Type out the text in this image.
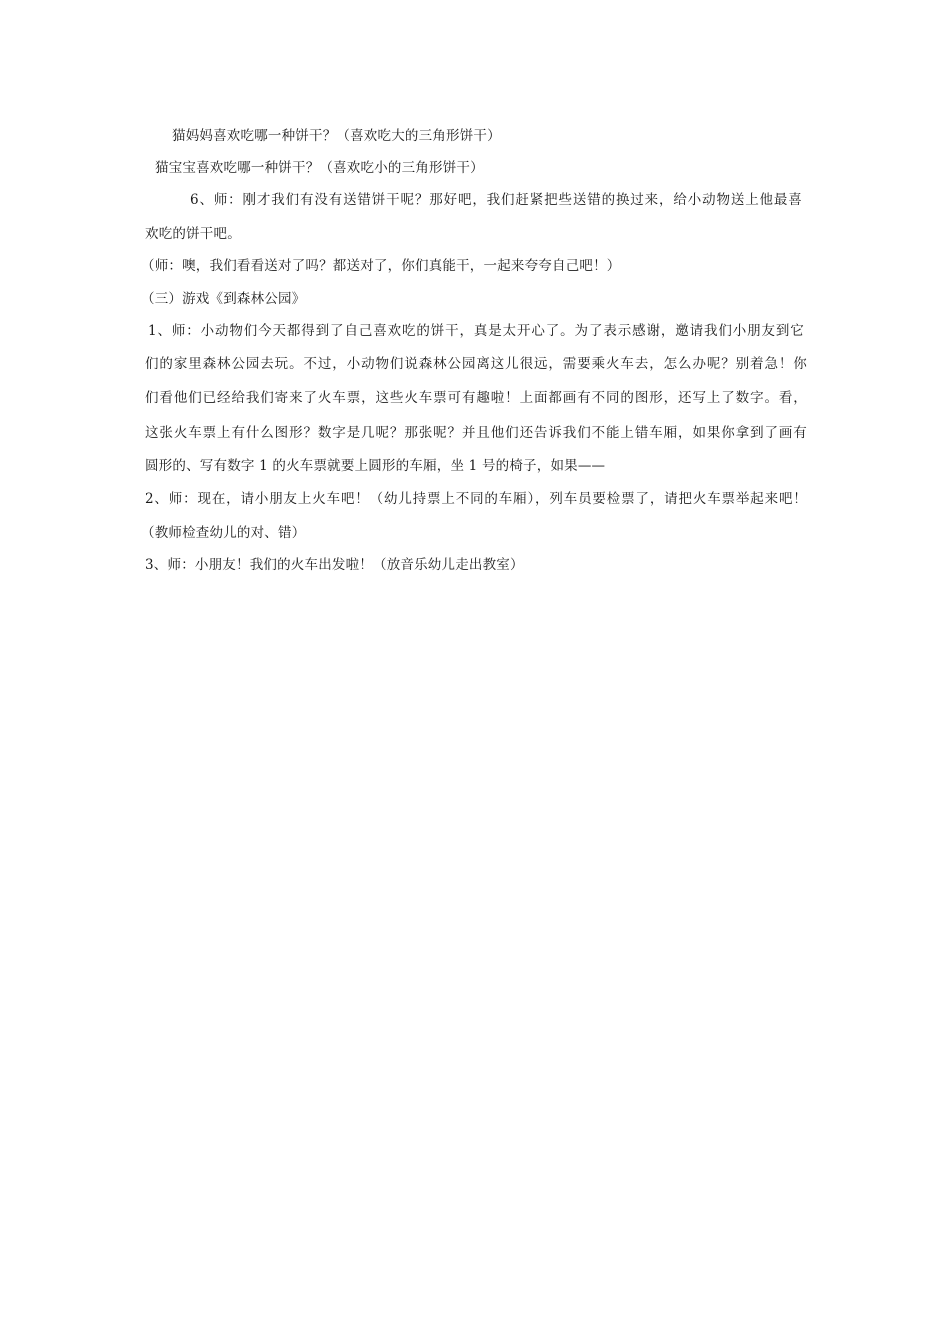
猫妈妈喜欢吃哪一种饼干？（喜欢吃大的三角形饼干）
猫宝宝喜欢吃哪一种饼干？（喜欢吃小的三角形饼干）
6、师：刚才我们有没有送错饼干呢？那好吧，我们赶紧把些送错的换过来，给小动物送上他最喜
欢吃的饼干吧。
（师：噢，我们看看送对了吗？都送对了，你们真能干，一起来夸夸自己吧！）
（三）游戏《到森林公园》
1、师：小动物们今天都得到了自己喜欢吃的饼干，真是太开心了。为了表示感谢，邀请我们小朋友到它
们的家里森林公园去玩。不过，小动物们说森林公园离这儿很远，需要乘火车去，怎么办呢？别着急！你
们看他们已经给我们寄来了火车票，这些火车票可有趣啦！上面都画有不同的图形，还写上了数字。看，
这张火车票上有什么图形？数字是几呢？那张呢？并且他们还告诉我们不能上错车厢，如果你拿到了画有
圆形的、写有数字 1 的火车票就要上圆形的车厢，坐 1 号的椅子，如果——
2、师：现在，请小朋友上火车吧！（幼儿持票上不同的车厢），列车员要检票了，请把火车票举起来吧！
（教师检查幼儿的对、错）
3、师：小朋友！我们的火车出发啦！（放音乐幼儿走出教室）
